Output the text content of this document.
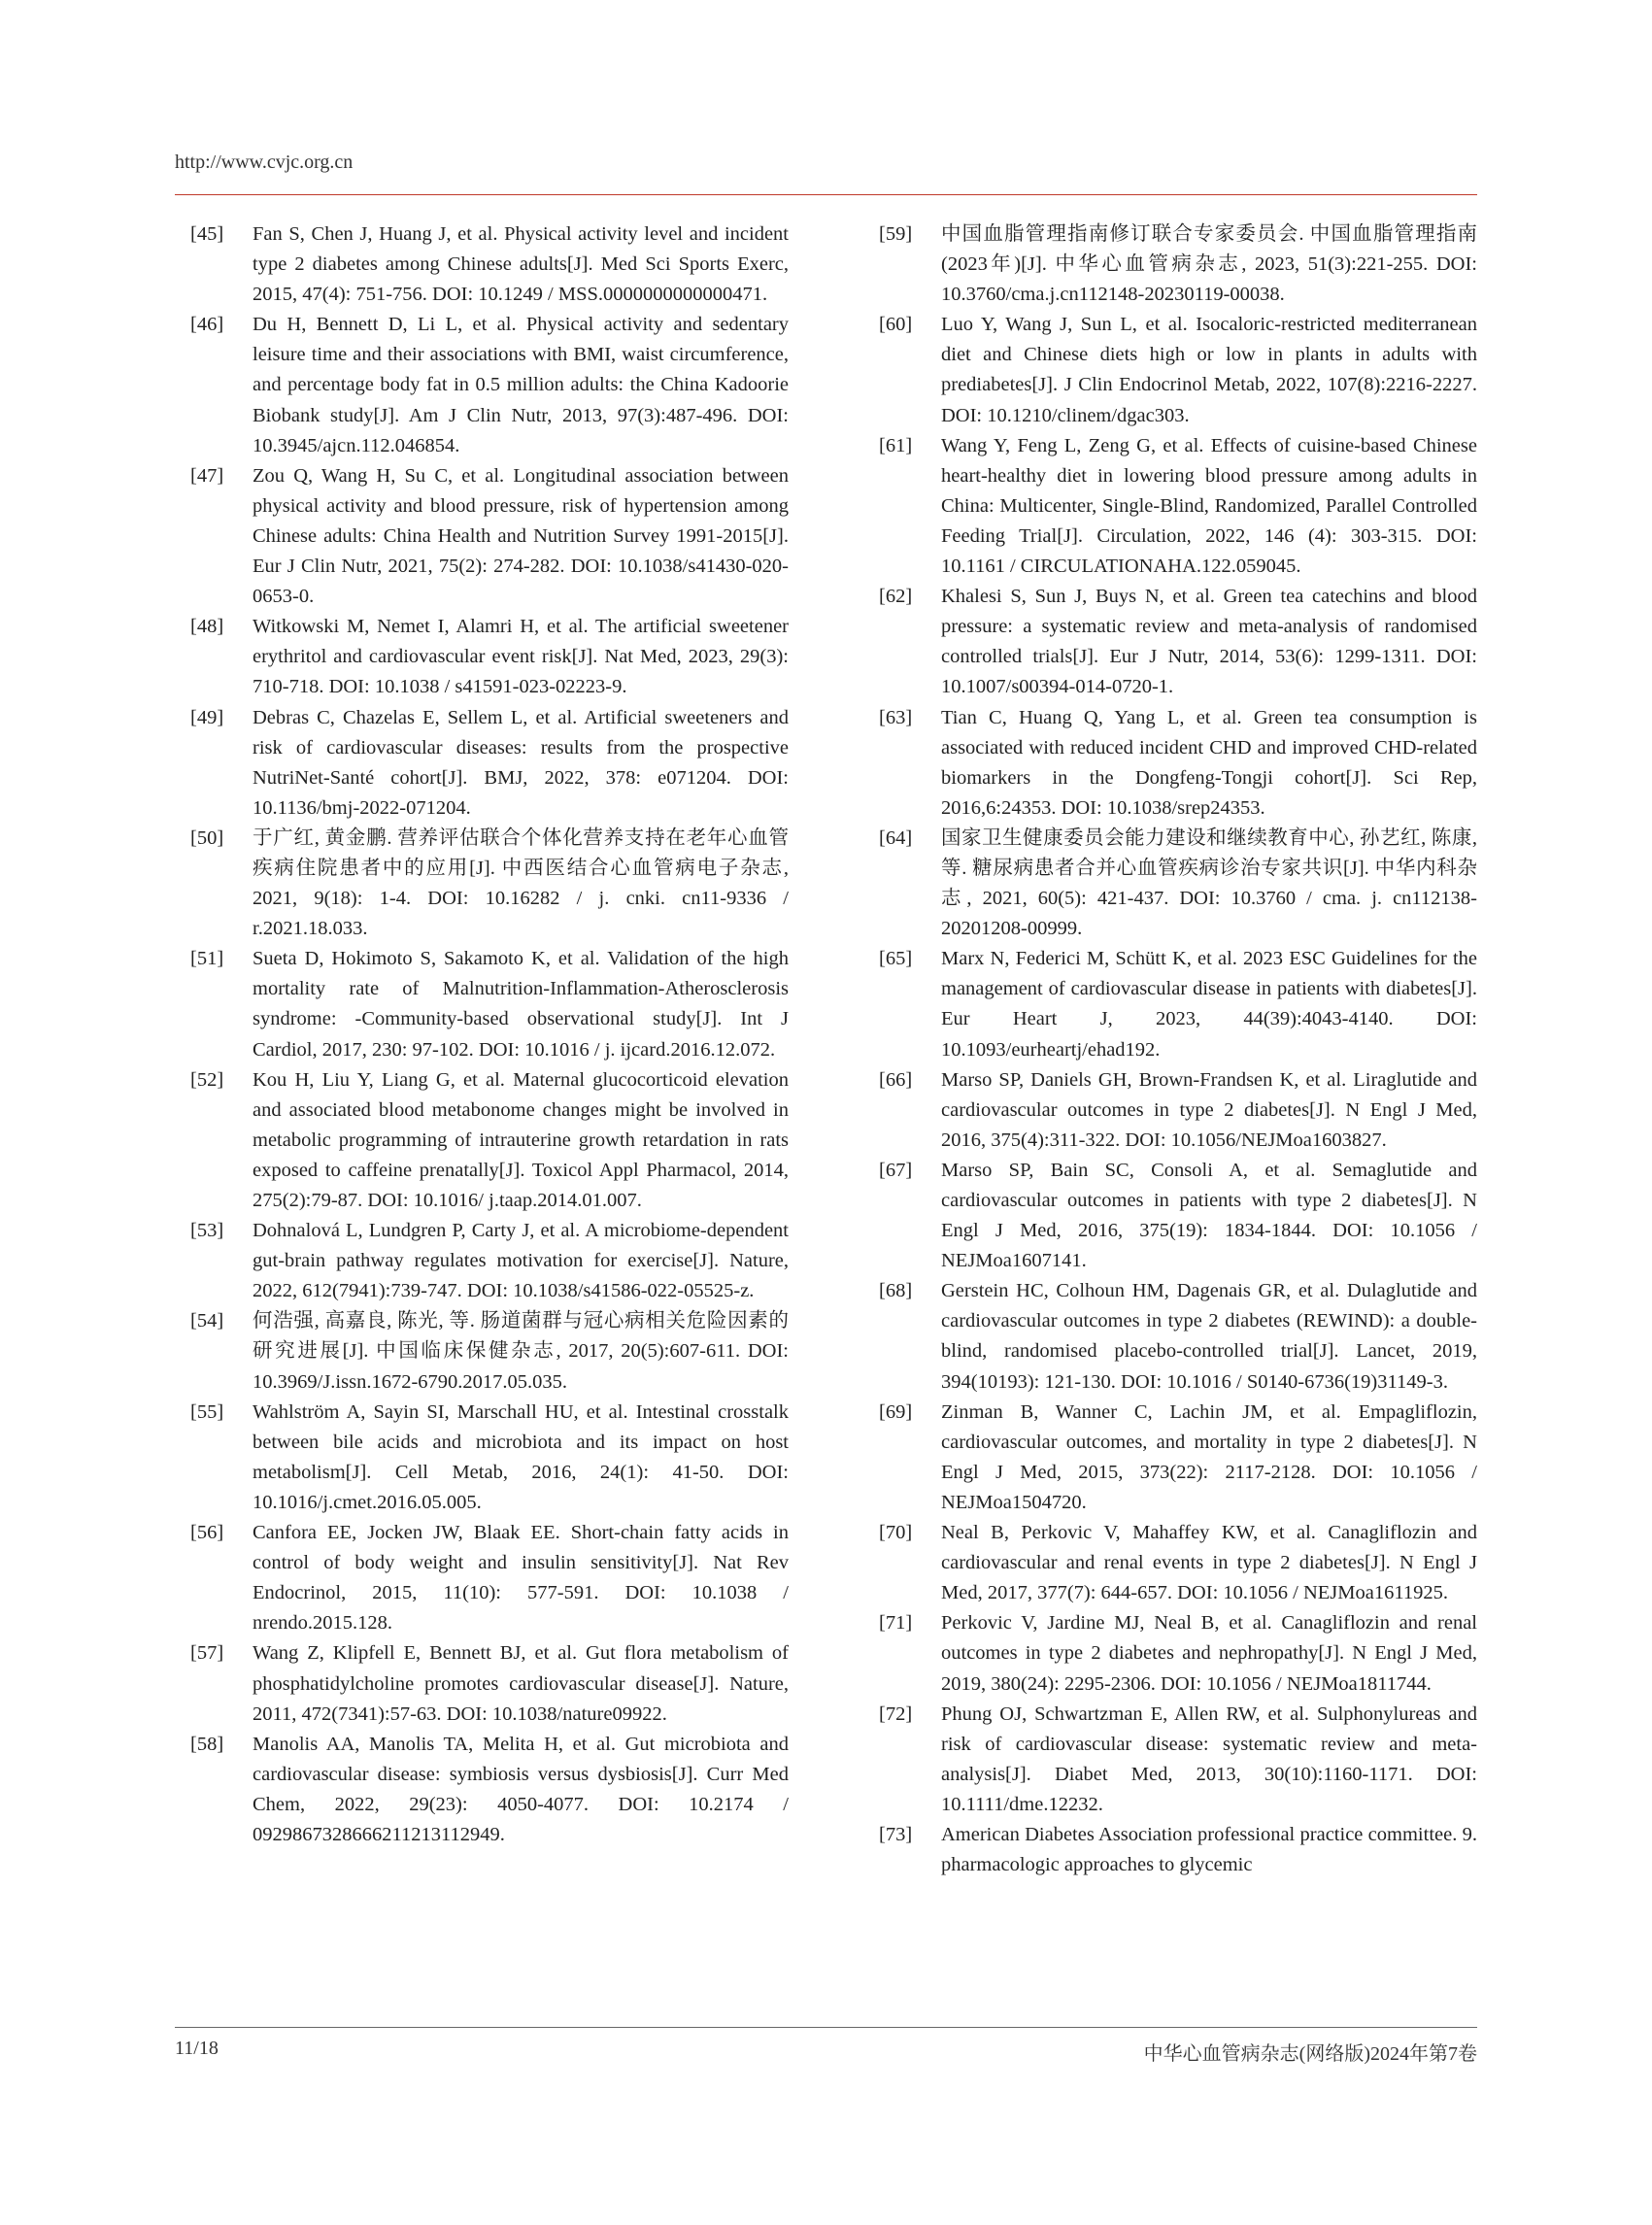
http://www.cvjc.org.cn
[45]	Fan S, Chen J, Huang J, et al. Physical activity level and incident type 2 diabetes among Chinese adults[J]. Med Sci Sports Exerc, 2015, 47(4): 751-756. DOI: 10.1249 / MSS.0000000000000471.
[46]	Du H, Bennett D, Li L, et al. Physical activity and sedentary leisure time and their associations with BMI, waist circumference, and percentage body fat in 0.5 million adults: the China Kadoorie Biobank study[J]. Am J Clin Nutr, 2013, 97(3):487-496. DOI: 10.3945/ajcn.112.046854.
[47]	Zou Q, Wang H, Su C, et al. Longitudinal association between physical activity and blood pressure, risk of hypertension among Chinese adults: China Health and Nutrition Survey 1991-2015[J]. Eur J Clin Nutr, 2021, 75(2): 274-282. DOI: 10.1038/s41430-020-0653-0.
[48]	Witkowski M, Nemet I, Alamri H, et al. The artificial sweetener erythritol and cardiovascular event risk[J]. Nat Med, 2023, 29(3): 710-718. DOI: 10.1038 / s41591-023-02223-9.
[49]	Debras C, Chazelas E, Sellem L, et al. Artificial sweeteners and risk of cardiovascular diseases: results from the prospective NutriNet-Santé cohort[J]. BMJ, 2022, 378: e071204. DOI: 10.1136/bmj-2022-071204.
[50]	于广红, 黄金鹏. 营养评估联合个体化营养支持在老年心血管疾病住院患者中的应用[J]. 中西医结合心血管病电子杂志, 2021, 9(18): 1-4. DOI: 10.16282 / j. cnki. cn11-9336 / r.2021.18.033.
[51]	Sueta D, Hokimoto S, Sakamoto K, et al. Validation of the high mortality rate of Malnutrition-Inflammation-Atherosclerosis syndrome: -Community-based observational study[J]. Int J Cardiol, 2017, 230: 97-102. DOI: 10.1016 / j. ijcard.2016.12.072.
[52]	Kou H, Liu Y, Liang G, et al. Maternal glucocorticoid elevation and associated blood metabonome changes might be involved in metabolic programming of intrauterine growth retardation in rats exposed to caffeine prenatally[J]. Toxicol Appl Pharmacol, 2014, 275(2):79-87. DOI: 10.1016/ j.taap.2014.01.007.
[53]	Dohnalová L, Lundgren P, Carty J, et al. A microbiome-dependent gut-brain pathway regulates motivation for exercise[J]. Nature, 2022, 612(7941):739-747. DOI: 10.1038/s41586-022-05525-z.
[54]	何浩强, 高嘉良, 陈光, 等. 肠道菌群与冠心病相关危险因素的研究进展[J]. 中国临床保健杂志, 2017, 20(5):607-611. DOI: 10.3969/J.issn.1672-6790.2017.05.035.
[55]	Wahlström A, Sayin SI, Marschall HU, et al. Intestinal crosstalk between bile acids and microbiota and its impact on host metabolism[J]. Cell Metab, 2016, 24(1): 41-50. DOI: 10.1016/j.cmet.2016.05.005.
[56]	Canfora EE, Jocken JW, Blaak EE. Short-chain fatty acids in control of body weight and insulin sensitivity[J]. Nat Rev Endocrinol, 2015, 11(10): 577-591. DOI: 10.1038 / nrendo.2015.128.
[57]	Wang Z, Klipfell E, Bennett BJ, et al. Gut flora metabolism of phosphatidylcholine promotes cardiovascular disease[J]. Nature, 2011, 472(7341):57-63. DOI: 10.1038/nature09922.
[58]	Manolis AA, Manolis TA, Melita H, et al. Gut microbiota and cardiovascular disease: symbiosis versus dysbiosis[J]. Curr Med Chem, 2022, 29(23): 4050-4077. DOI: 10.2174 / 0929867328666211213112949.
[59]	中国血脂管理指南修订联合专家委员会. 中国血脂管理指南(2023年)[J]. 中华心血管病杂志, 2023, 51(3):221-255. DOI: 10.3760/cma.j.cn112148-20230119-00038.
[60]	Luo Y, Wang J, Sun L, et al. Isocaloric-restricted mediterranean diet and Chinese diets high or low in plants in adults with prediabetes[J]. J Clin Endocrinol Metab, 2022, 107(8):2216-2227. DOI: 10.1210/clinem/dgac303.
[61]	Wang Y, Feng L, Zeng G, et al. Effects of cuisine-based Chinese heart-healthy diet in lowering blood pressure among adults in China: Multicenter, Single-Blind, Randomized, Parallel Controlled Feeding Trial[J]. Circulation, 2022, 146 (4): 303-315. DOI: 10.1161 / CIRCULATIONAHA.122.059045.
[62]	Khalesi S, Sun J, Buys N, et al. Green tea catechins and blood pressure: a systematic review and meta-analysis of randomised controlled trials[J]. Eur J Nutr, 2014, 53(6): 1299-1311. DOI: 10.1007/s00394-014-0720-1.
[63]	Tian C, Huang Q, Yang L, et al. Green tea consumption is associated with reduced incident CHD and improved CHD-related biomarkers in the Dongfeng-Tongji cohort[J]. Sci Rep, 2016,6:24353. DOI: 10.1038/srep24353.
[64]	国家卫生健康委员会能力建设和继续教育中心, 孙艺红, 陈康, 等. 糖尿病患者合并心血管疾病诊治专家共识[J]. 中华内科杂志, 2021, 60(5): 421-437. DOI: 10.3760 / cma. j. cn112138-20201208-00999.
[65]	Marx N, Federici M, Schütt K, et al. 2023 ESC Guidelines for the management of cardiovascular disease in patients with diabetes[J]. Eur Heart J, 2023, 44(39):4043-4140. DOI: 10.1093/eurheartj/ehad192.
[66]	Marso SP, Daniels GH, Brown-Frandsen K, et al. Liraglutide and cardiovascular outcomes in type 2 diabetes[J]. N Engl J Med, 2016, 375(4):311-322. DOI: 10.1056/NEJMoa1603827.
[67]	Marso SP, Bain SC, Consoli A, et al. Semaglutide and cardiovascular outcomes in patients with type 2 diabetes[J]. N Engl J Med, 2016, 375(19): 1834-1844. DOI: 10.1056 / NEJMoa1607141.
[68]	Gerstein HC, Colhoun HM, Dagenais GR, et al. Dulaglutide and cardiovascular outcomes in type 2 diabetes (REWIND): a double-blind, randomised placebo-controlled trial[J]. Lancet, 2019, 394(10193): 121-130. DOI: 10.1016 / S0140-6736(19)31149-3.
[69]	Zinman B, Wanner C, Lachin JM, et al. Empagliflozin, cardiovascular outcomes, and mortality in type 2 diabetes[J]. N Engl J Med, 2015, 373(22): 2117-2128. DOI: 10.1056 / NEJMoa1504720.
[70]	Neal B, Perkovic V, Mahaffey KW, et al. Canagliflozin and cardiovascular and renal events in type 2 diabetes[J]. N Engl J Med, 2017, 377(7): 644-657. DOI: 10.1056 / NEJMoa1611925.
[71]	Perkovic V, Jardine MJ, Neal B, et al. Canagliflozin and renal outcomes in type 2 diabetes and nephropathy[J]. N Engl J Med, 2019, 380(24): 2295-2306. DOI: 10.1056 / NEJMoa1811744.
[72]	Phung OJ, Schwartzman E, Allen RW, et al. Sulphonylureas and risk of cardiovascular disease: systematic review and meta-analysis[J]. Diabet Med, 2013, 30(10):1160-1171. DOI: 10.1111/dme.12232.
[73]	American Diabetes Association professional practice committee. 9. pharmacologic approaches to glycemic
11/18	中华心血管病杂志(网络版)2024年第7卷
